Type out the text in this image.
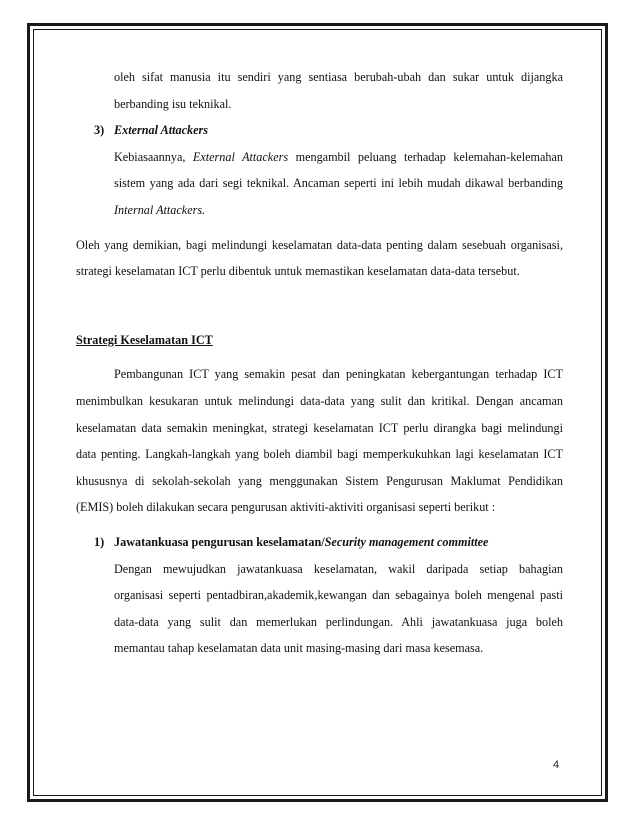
oleh sifat manusia itu sendiri yang sentiasa berubah-ubah dan sukar untuk dijangka
berbanding isu teknikal.
3) External Attackers
Kebiasaannya, External Attackers mengambil peluang terhadap kelemahan-kelemahan
sistem yang ada dari segi teknikal. Ancaman seperti ini lebih mudah dikawal berbanding
Internal Attackers.
Oleh yang demikian, bagi melindungi keselamatan data-data penting dalam sesebuah organisasi,
strategi keselamatan ICT perlu dibentuk untuk memastikan keselamatan data-data tersebut.
Strategi Keselamatan ICT
Pembangunan ICT yang semakin pesat dan peningkatan kebergantungan terhadap ICT
menimbulkan kesukaran untuk melindungi data-data yang sulit dan kritikal. Dengan ancaman
keselamatan data semakin meningkat, strategi keselamatan ICT perlu dirangka bagi melindungi
data penting. Langkah-langkah yang boleh diambil bagi memperkukuhkan lagi keselamatan ICT
khususnya di sekolah-sekolah yang menggunakan Sistem Pengurusan Maklumat Pendidikan
(EMIS) boleh dilakukan secara pengurusan aktiviti-aktiviti organisasi seperti berikut :
1) Jawatankuasa pengurusan keselamatan/Security management committee
Dengan mewujudkan jawatankuasa keselamatan, wakil daripada setiap bahagian
organisasi seperti pentadbiran,akademik,kewangan dan sebagainya boleh mengenal pasti
data-data yang sulit dan memerlukan perlindungan. Ahli jawatankuasa juga boleh
memantau tahap keselamatan data unit masing-masing dari masa kesemasa.
4
